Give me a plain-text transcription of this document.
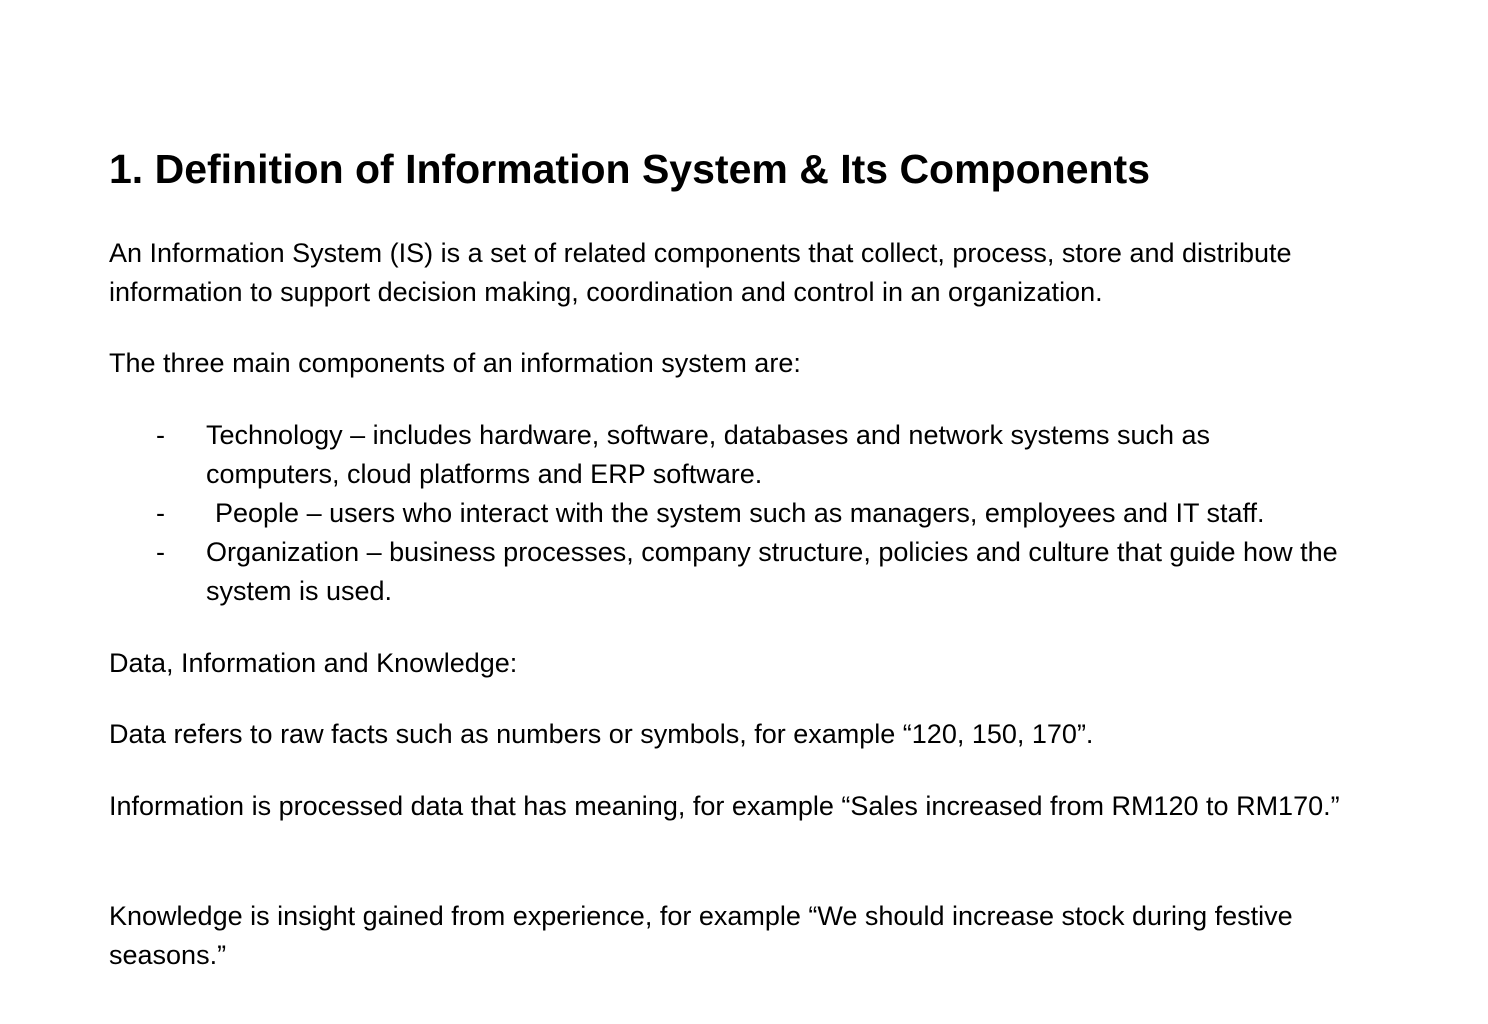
1. Definition of Information System & Its Components

An Information System (IS) is a set of related components that collect, process, store and distribute information to support decision making, coordination and control in an organization.

The three main components of an information system are:

- Technology – includes hardware, software, databases and network systems such as computers, cloud platforms and ERP software.
- People – users who interact with the system such as managers, employees and IT staff.
- Organization – business processes, company structure, policies and culture that guide how the system is used.

Data, Information and Knowledge:

Data refers to raw facts such as numbers or symbols, for example “120, 150, 170”.

Information is processed data that has meaning, for example “Sales increased from RM120 to RM170.”

Knowledge is insight gained from experience, for example “We should increase stock during festive seasons.”
